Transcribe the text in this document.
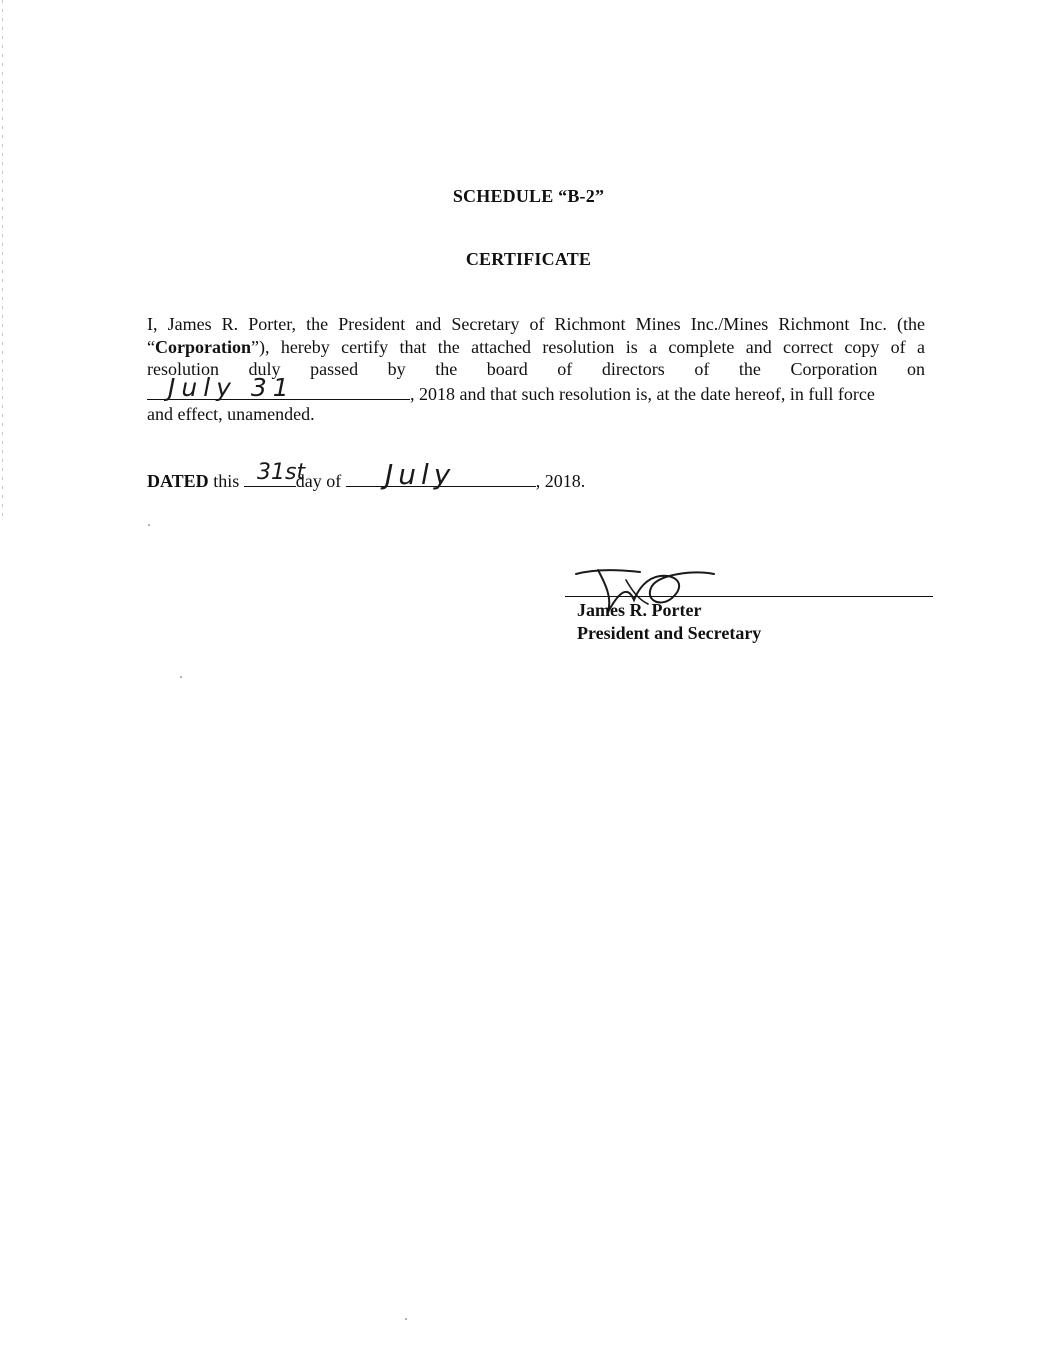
SCHEDULE “B-2”
CERTIFICATE
I, James R. Porter, the President and Secretary of Richmont Mines Inc./Mines Richmont Inc. (the
“Corporation”), hereby certify that the attached resolution is a complete and correct copy of a
resolution duly passed by the board of directors of the Corporation on
, 2018 and that such resolution is, at the date hereof, in full force
July 31
and effect, unamended.
DATED this	day of	, 2018.
31st	July
James R. Porter
President and Secretary
